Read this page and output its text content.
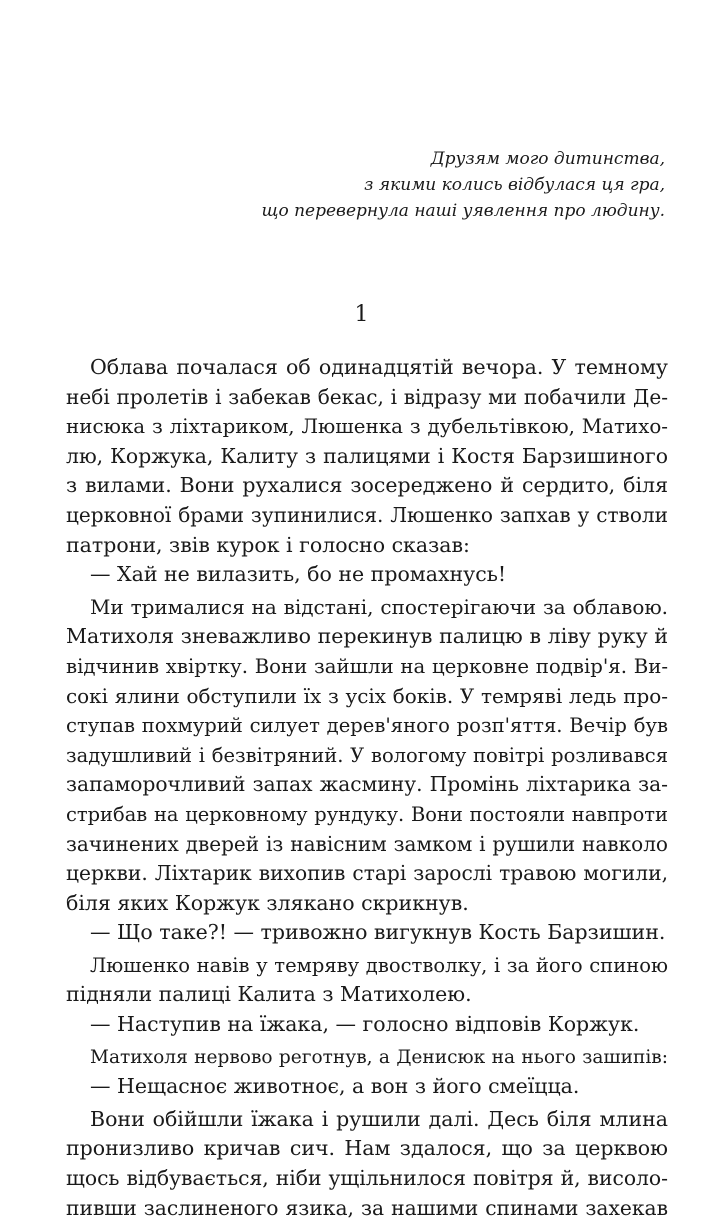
Друзям мого дитинства,
з якими колись відбулася ця гра,
що перевернула наші уявлення про людину.
1
Облава почалася об одинадцятій вечора. У темному
небі пролетів і забекав бекас, і відразу ми побачили Де-
нисюка з ліхтариком, Люшенка з дубельтівкою, Матихо-
лю, Коржука, Калиту з палицями і Костя Барзишиного
з вилами. Вони рухалися зосереджено й сердито, біля
церковної брами зупинилися. Люшенко запхав у стволи
патрони, звів курок і голосно сказав:
— Хай не вилазить, бо не промахнусь!
Ми трималися на відстані, спостерігаючи за облавою.
Матихоля зневажливо перекинув палицю в ліву руку й
відчинив хвіртку. Вони зайшли на церковне подвір'я. Ви-
сокі ялини обступили їх з усіх боків. У темряві ледь про-
ступав похмурий силует дерев'яного розп'яття. Вечір був
задушливий і безвітряний. У вологому повітрі розливався
запаморочливий запах жасмину. Промінь ліхтарика за-
стрибав на церковному рундуку. Вони постояли навпроти
зачинених дверей із навісним замком і рушили навколо
церкви. Ліхтарик вихопив старі зарослі травою могили,
біля яких Коржук злякано скрикнув.
— Що таке?! — тривожно вигукнув Кость Барзишин.
Люшенко навів у темряву двостволку, і за його спиною
підняли палиці Калита з Матихолею.
— Наступив на їжака, — голосно відповів Коржук.
Матихоля нервово реготнув, а Денисюк на нього зашипів:
— Нещасноє животноє, а вон з його смеїцца.
Вони обійшли їжака і рушили далі. Десь біля млина
пронизливо кричав сич. Нам здалося, що за церквою
щось відбувається, ніби ущільнилося повітря й, висоло-
пивши заслиненого язика, за нашими спинами захекав
